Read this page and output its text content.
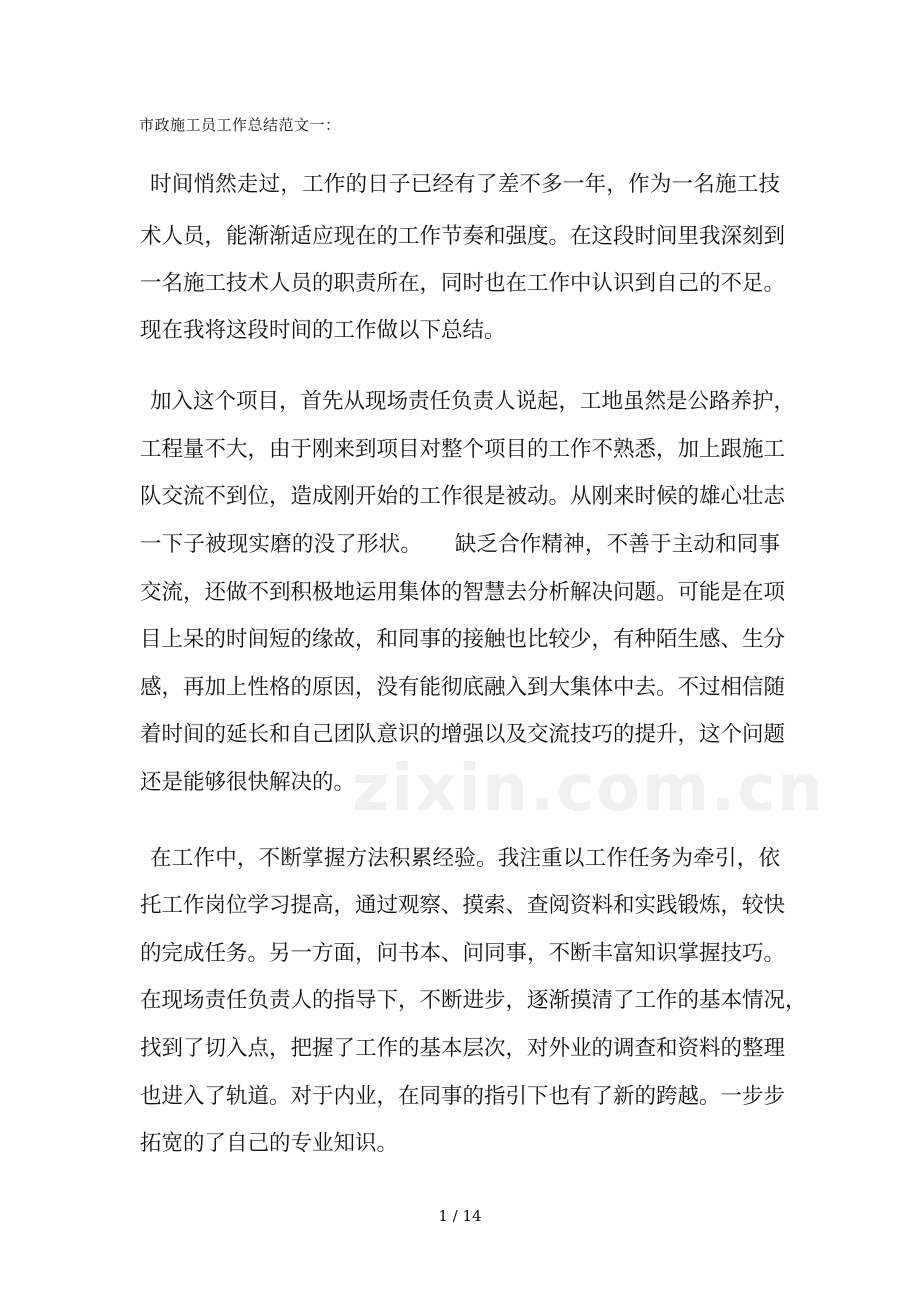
市政施工员工作总结范文一：
时间悄然走过，工作的日子已经有了差不多一年，作为一名施工技
术人员，能渐渐适应现在的工作节奏和强度。在这段时间里我深刻到
一名施工技术人员的职责所在，同时也在工作中认识到自己的不足。
现在我将这段时间的工作做以下总结。
加入这个项目，首先从现场责任负责人说起，工地虽然是公路养护，
工程量不大，由于刚来到项目对整个项目的工作不熟悉，加上跟施工
队交流不到位，造成刚开始的工作很是被动。从刚来时候的雄心壮志
一下子被现实磨的没了形状。　　缺乏合作精神，不善于主动和同事
交流，还做不到积极地运用集体的智慧去分析解决问题。可能是在项
目上呆的时间短的缘故，和同事的接触也比较少，有种陌生感、生分
感，再加上性格的原因，没有能彻底融入到大集体中去。不过相信随
着时间的延长和自己团队意识的增强以及交流技巧的提升，这个问题
还是能够很快解决的。
在工作中，不断掌握方法积累经验。我注重以工作任务为牵引，依
托工作岗位学习提高，通过观察、摸索、查阅资料和实践锻炼，较快
的完成任务。另一方面，问书本、问同事，不断丰富知识掌握技巧。
在现场责任负责人的指导下，不断进步，逐渐摸清了工作的基本情况，
找到了切入点，把握了工作的基本层次，对外业的调查和资料的整理
也进入了轨道。对于内业，在同事的指引下也有了新的跨越。一步步
拓宽的了自己的专业知识。
zixin.com.cn
1 / 14
